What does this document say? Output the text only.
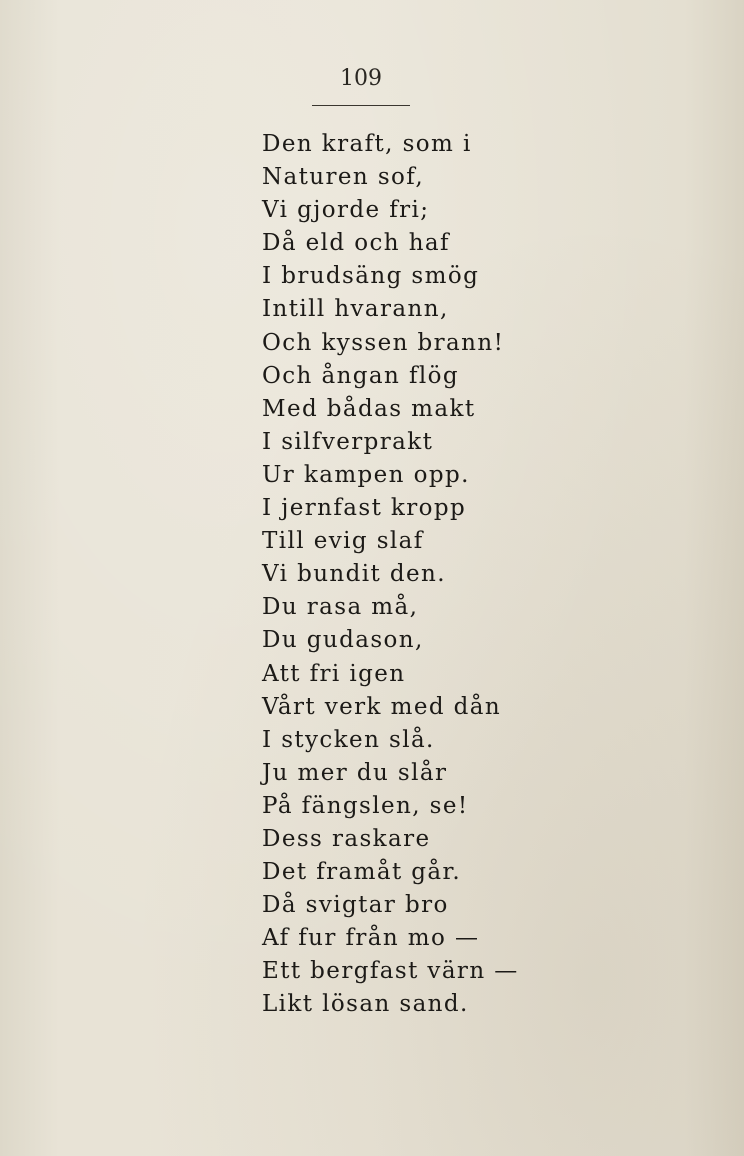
109
Den kraft, som i
Naturen sof,
Vi gjorde fri;
Då eld och haf
I brudsäng smög
Intill hvarann,
Och kyssen brann!
Och ångan flög
Med bådas makt
I silfverprakt
Ur kampen opp.
I jernfast kropp
Till evig slaf
Vi bundit den.
Du rasa må,
Du gudason,
Att fri igen
Vårt verk med dån
I stycken slå.
Ju mer du slår
På fängslen, se!
Dess raskare
Det framåt går.
Då svigtar bro
Af fur från mo —
Ett bergfast värn —
Likt lösan sand.
